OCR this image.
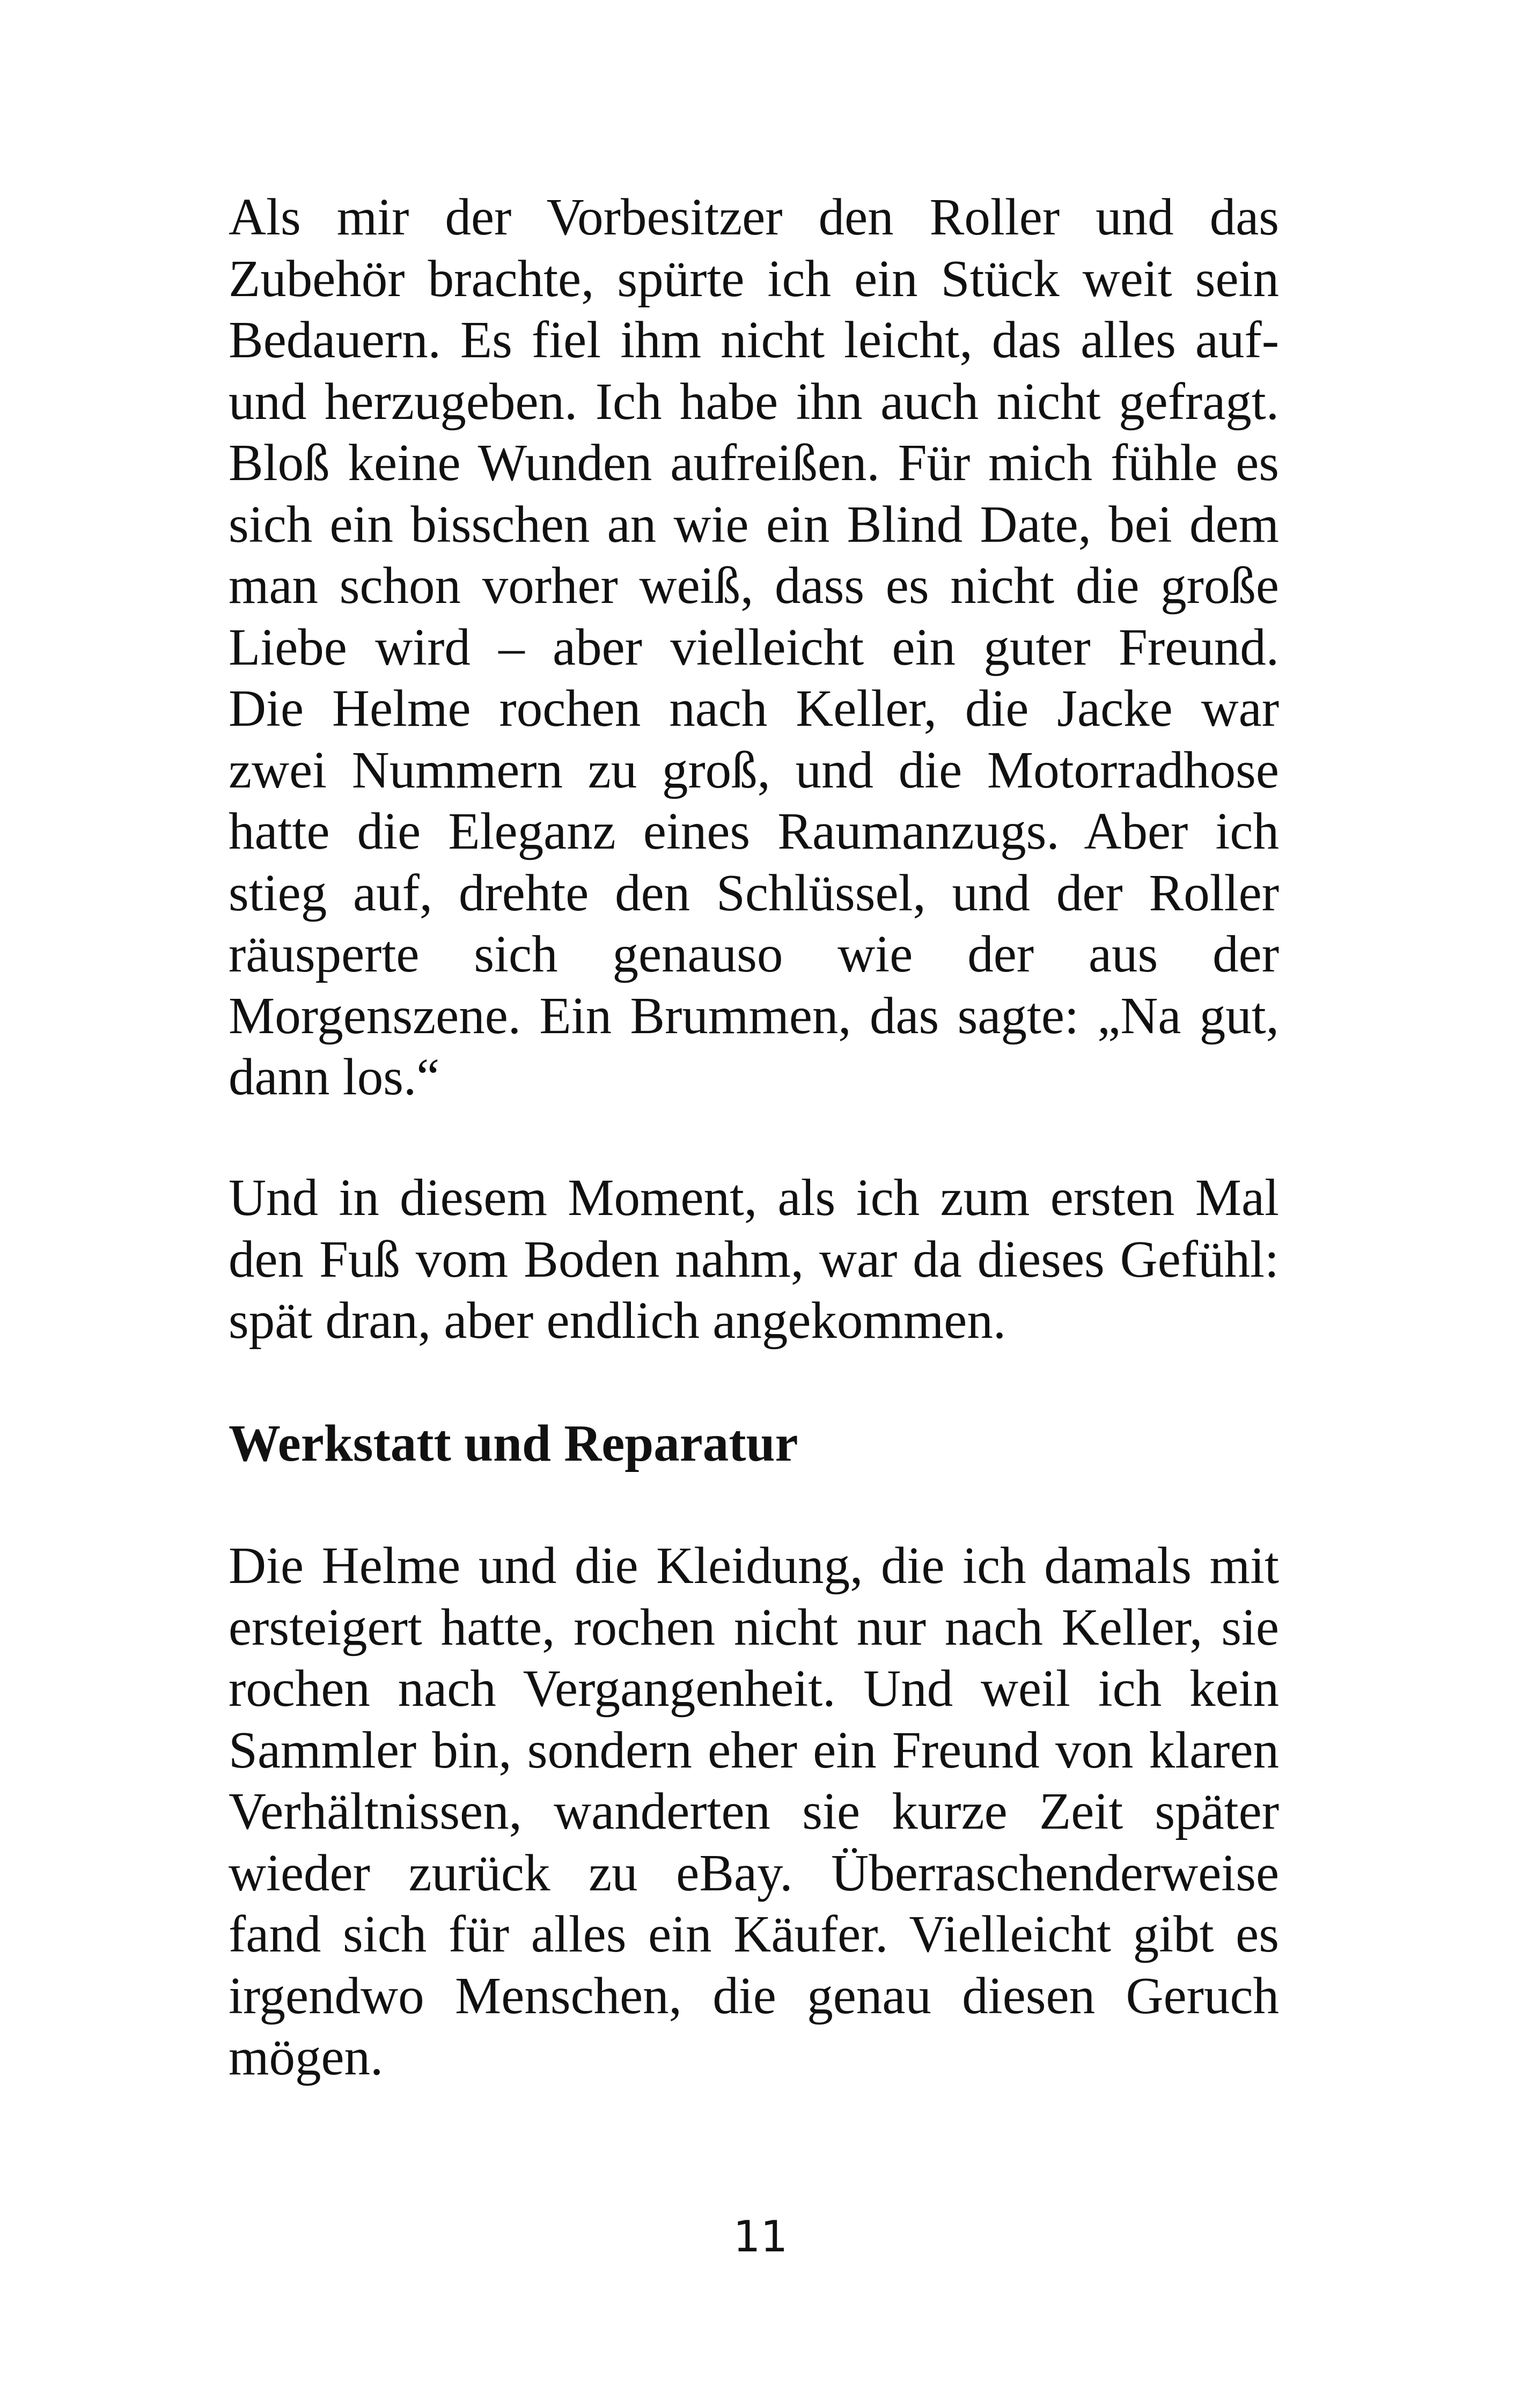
Als mir der Vorbesitzer den Roller und das
Zubehör brachte, spürte ich ein Stück weit sein
Bedauern. Es fiel ihm nicht leicht, das alles auf-
und herzugeben. Ich habe ihn auch nicht gefragt.
Bloß keine Wunden aufreißen. Für mich fühle es
sich ein bisschen an wie ein Blind Date, bei dem
man schon vorher weiß, dass es nicht die große
Liebe wird – aber vielleicht ein guter Freund.
Die Helme rochen nach Keller, die Jacke war
zwei Nummern zu groß, und die Motorradhose
hatte die Eleganz eines Raumanzugs. Aber ich
stieg auf, drehte den Schlüssel, und der Roller
räusperte sich genauso wie der aus der
Morgenszene. Ein Brummen, das sagte: „Na gut,
dann los.“
Und in diesem Moment, als ich zum ersten Mal
den Fuß vom Boden nahm, war da dieses Gefühl:
spät dran, aber endlich angekommen.
Werkstatt und Reparatur
Die Helme und die Kleidung, die ich damals mit
ersteigert hatte, rochen nicht nur nach Keller, sie
rochen nach Vergangenheit. Und weil ich kein
Sammler bin, sondern eher ein Freund von klaren
Verhältnissen, wanderten sie kurze Zeit später
wieder zurück zu eBay. Überraschenderweise
fand sich für alles ein Käufer. Vielleicht gibt es
irgendwo Menschen, die genau diesen Geruch
mögen.
11
